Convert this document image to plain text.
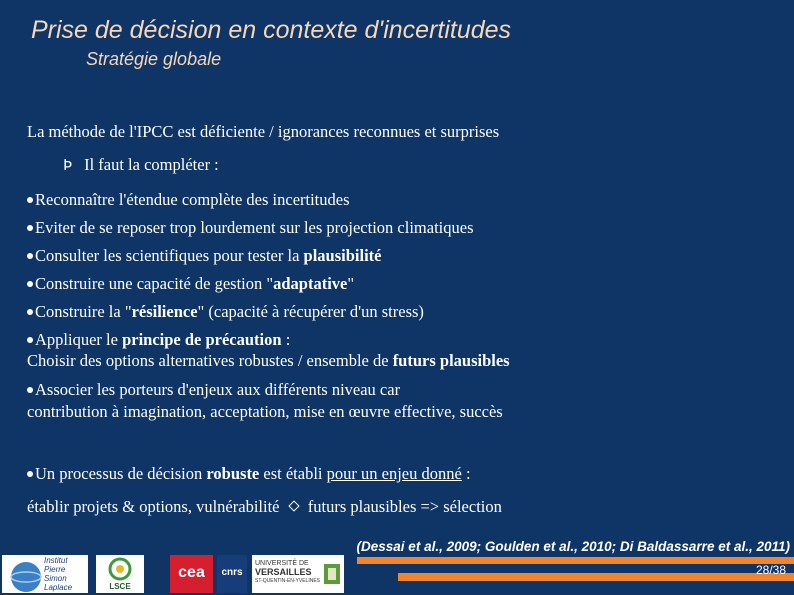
Prise de décision en contexte d'incertitudes
Stratégie globale
La méthode de l'IPCC est déficiente / ignorances reconnues et surprises
Þ Il faut la compléter :
Reconnaître l'étendue complète des incertitudes
Eviter de se reposer trop lourdement sur les projection climatiques
Consulter les scientifiques pour tester la plausibilité
Construire une capacité de gestion "adaptative"
Construire la "résilience" (capacité à récupérer d'un stress)
Appliquer le principe de précaution :
Choisir des options alternatives robustes / ensemble de futurs plausibles
Associer les porteurs d'enjeux aux différents niveau car
contribution à imagination, acceptation, mise en œuvre effective, succès
Un processus de décision robuste est établi pour un enjeu donné :
établir projets & options, vulnérabilité  futurs plausibles => sélection
(Dessai et al., 2009; Goulden et al., 2010; Di Baldassarre et al., 2011)
28/38
Institut
Pierre
Simon
Laplace	LSCE
cea	cnrs
UNIVERSITÉ DE
VERSAILLES
ST-QUENTIN-EN-YVELINES
